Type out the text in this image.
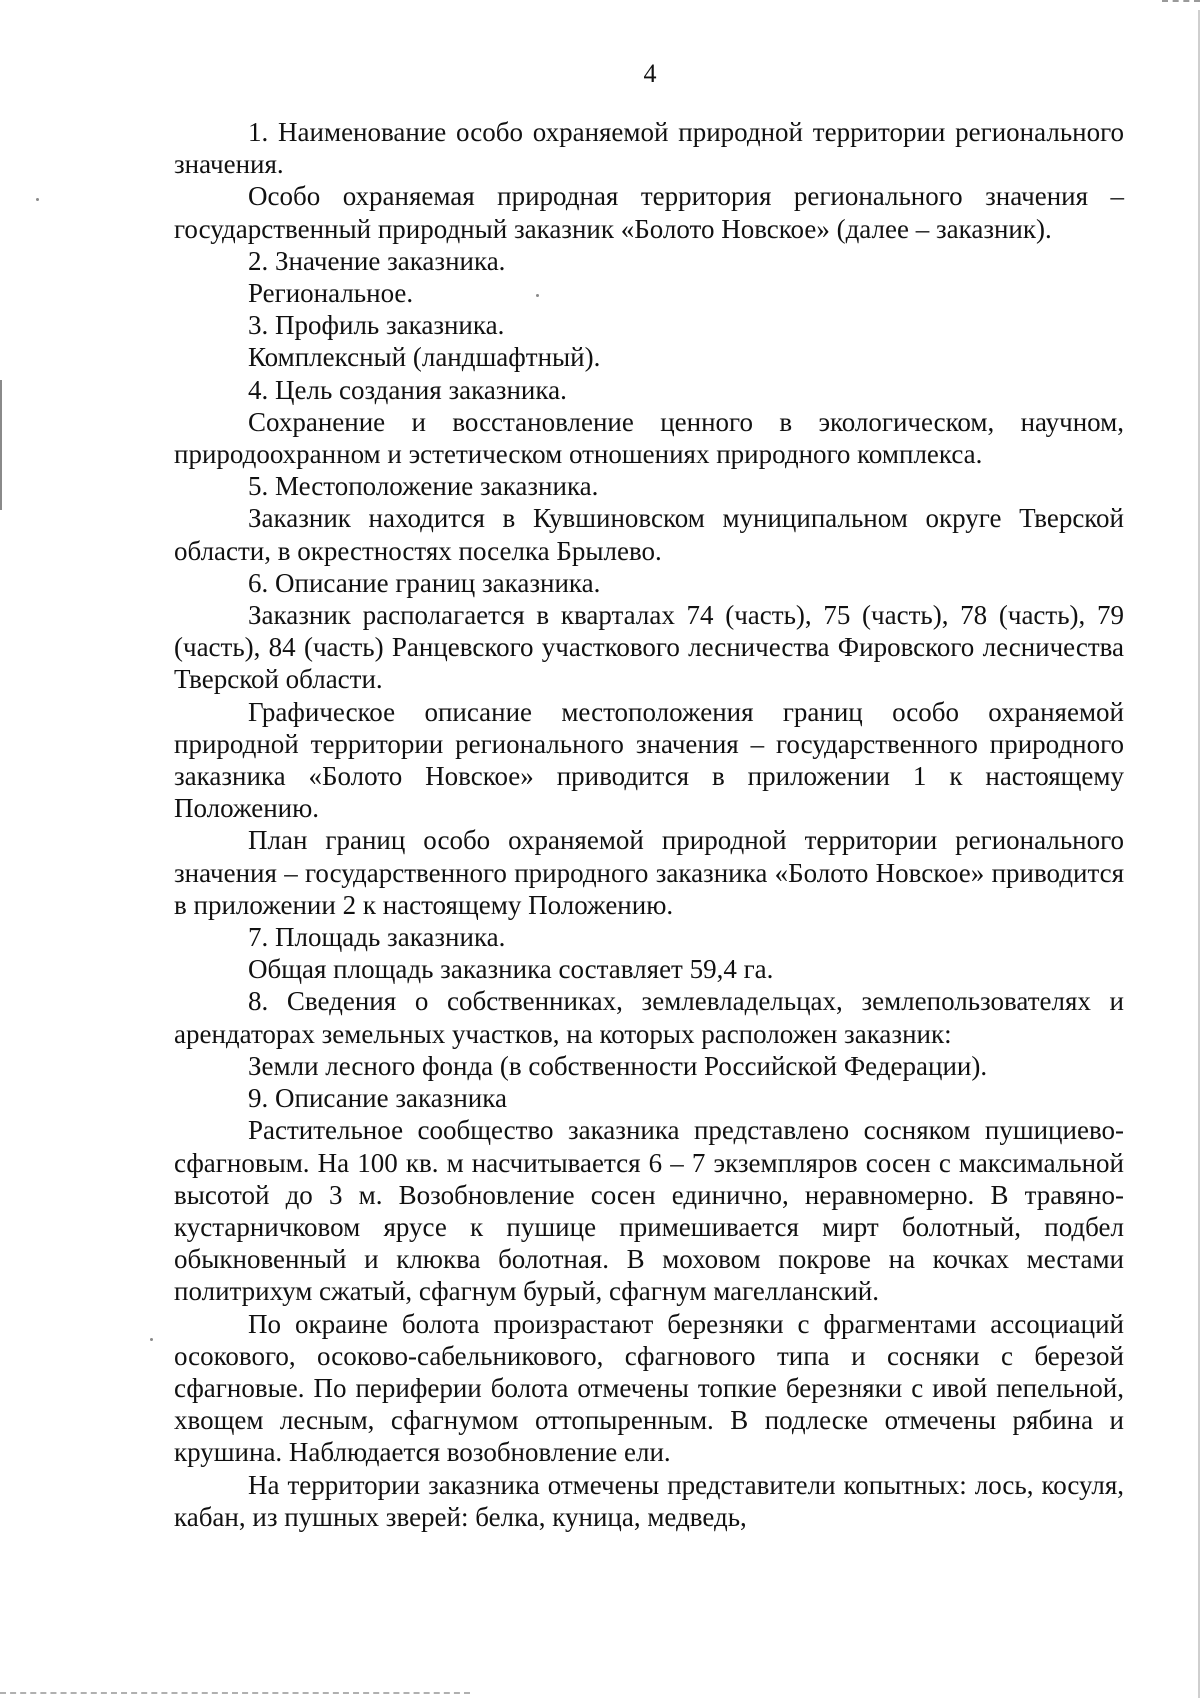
4

1. Наименование особо охраняемой природной территории регионального значения.

Особо охраняемая природная территория регионального значения – государственный природный заказник «Болото Новское» (далее – заказник).

2. Значение заказника.

Региональное.

3. Профиль заказника.

Комплексный (ландшафтный).

4. Цель создания заказника.

Сохранение и восстановление ценного в экологическом, научном, природоохранном и эстетическом отношениях природного комплекса.

5. Местоположение заказника.

Заказник находится в Кувшиновском муниципальном округе Тверской области, в окрестностях поселка Брылево.

6. Описание границ заказника.

Заказник располагается в кварталах 74 (часть), 75 (часть), 78 (часть), 79 (часть), 84 (часть) Ранцевского участкового лесничества Фировского лесничества Тверской области.

Графическое описание местоположения границ особо охраняемой природной территории регионального значения – государственного природного заказника «Болото Новское» приводится в приложении 1 к настоящему Положению.

План границ особо охраняемой природной территории регионального значения – государственного природного заказника «Болото Новское» приводится в приложении 2 к настоящему Положению.

7. Площадь заказника.

Общая площадь заказника составляет 59,4 га.

8. Сведения о собственниках, землевладельцах, землепользователях и арендаторах земельных участков, на которых расположен заказник:

Земли лесного фонда (в собственности Российской Федерации).

9. Описание заказника

Растительное сообщество заказника представлено сосняком пушициево-сфагновым. На 100 кв. м насчитывается 6 – 7 экземпляров сосен с максимальной высотой до 3 м. Возобновление сосен единично, неравномерно. В травяно-кустарничковом ярусе к пушице примешивается мирт болотный, подбел обыкновенный и клюква болотная. В моховом покрове на кочках местами политрихум сжатый, сфагнум бурый, сфагнум магелланский.

По окраине болота произрастают березняки с фрагментами ассоциаций осокового, осоково-сабельникового, сфагнового типа и сосняки с березой сфагновые. По периферии болота отмечены топкие березняки с ивой пепельной, хвощем лесным, сфагнумом оттопыренным. В подлеске отмечены рябина и крушина. Наблюдается возобновление ели.

На территории заказника отмечены представители копытных: лось, косуля, кабан, из пушных зверей: белка, куница, медведь,
